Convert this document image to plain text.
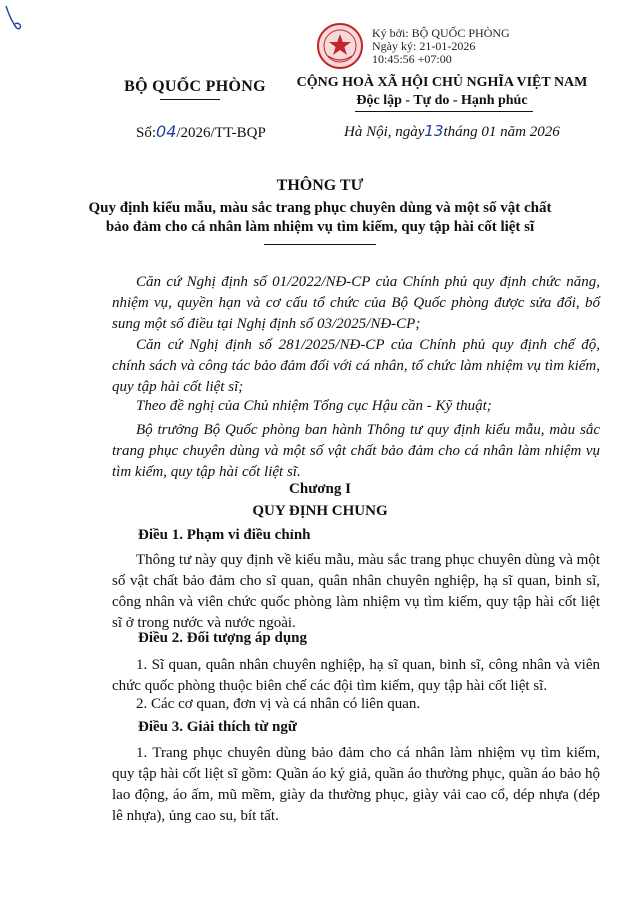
Ký bởi: BỘ QUỐC PHÒNG
Ngày ký: 21-01-2026
10:45:56 +07:00
BỘ QUỐC PHÒNG	CỘNG HOÀ XÃ HỘI CHỦ NGHĨA VIỆT NAM
Độc lập - Tự do - Hạnh phúc
Số:04/2026/TT-BQP	Hà Nội, ngày13tháng 01 năm 2026
THÔNG TƯ
Quy định kiểu mẫu, màu sắc trang phục chuyên dùng và một số vật chất
bảo đảm cho cá nhân làm nhiệm vụ tìm kiếm, quy tập hài cốt liệt sĩ
Căn cứ Nghị định số 01/2022/NĐ-CP của Chính phủ quy định chức năng, nhiệm vụ, quyền hạn và cơ cấu tổ chức của Bộ Quốc phòng được sửa đổi, bổ sung một số điều tại Nghị định số 03/2025/NĐ-CP;
Căn cứ Nghị định số 281/2025/NĐ-CP của Chính phủ quy định chế độ, chính sách và công tác bảo đảm đối với cá nhân, tổ chức làm nhiệm vụ tìm kiếm, quy tập hài cốt liệt sĩ;
Theo đề nghị của Chủ nhiệm Tổng cục Hậu cần - Kỹ thuật;
Bộ trưởng Bộ Quốc phòng ban hành Thông tư quy định kiểu mẫu, màu sắc trang phục chuyên dùng và một số vật chất bảo đảm cho cá nhân làm nhiệm vụ tìm kiếm, quy tập hài cốt liệt sĩ.
Chương I
QUY ĐỊNH CHUNG
Điều 1. Phạm vi điều chỉnh
Thông tư này quy định về kiểu mẫu, màu sắc trang phục chuyên dùng và một số vật chất bảo đảm cho sĩ quan, quân nhân chuyên nghiệp, hạ sĩ quan, binh sĩ, công nhân và viên chức quốc phòng làm nhiệm vụ tìm kiếm, quy tập hài cốt liệt sĩ ở trong nước và nước ngoài.
Điều 2. Đối tượng áp dụng
1. Sĩ quan, quân nhân chuyên nghiệp, hạ sĩ quan, binh sĩ, công nhân và viên chức quốc phòng thuộc biên chế các đội tìm kiếm, quy tập hài cốt liệt sĩ.
2. Các cơ quan, đơn vị và cá nhân có liên quan.
Điều 3. Giải thích từ ngữ
1. Trang phục chuyên dùng bảo đảm cho cá nhân làm nhiệm vụ tìm kiếm, quy tập hài cốt liệt sĩ gồm: Quần áo ký giả, quần áo thường phục, quần áo bảo hộ lao động, áo ấm, mũ mềm, giày da thường phục, giày vải cao cổ, dép nhựa (dép lê nhựa), ủng cao su, bít tất.
